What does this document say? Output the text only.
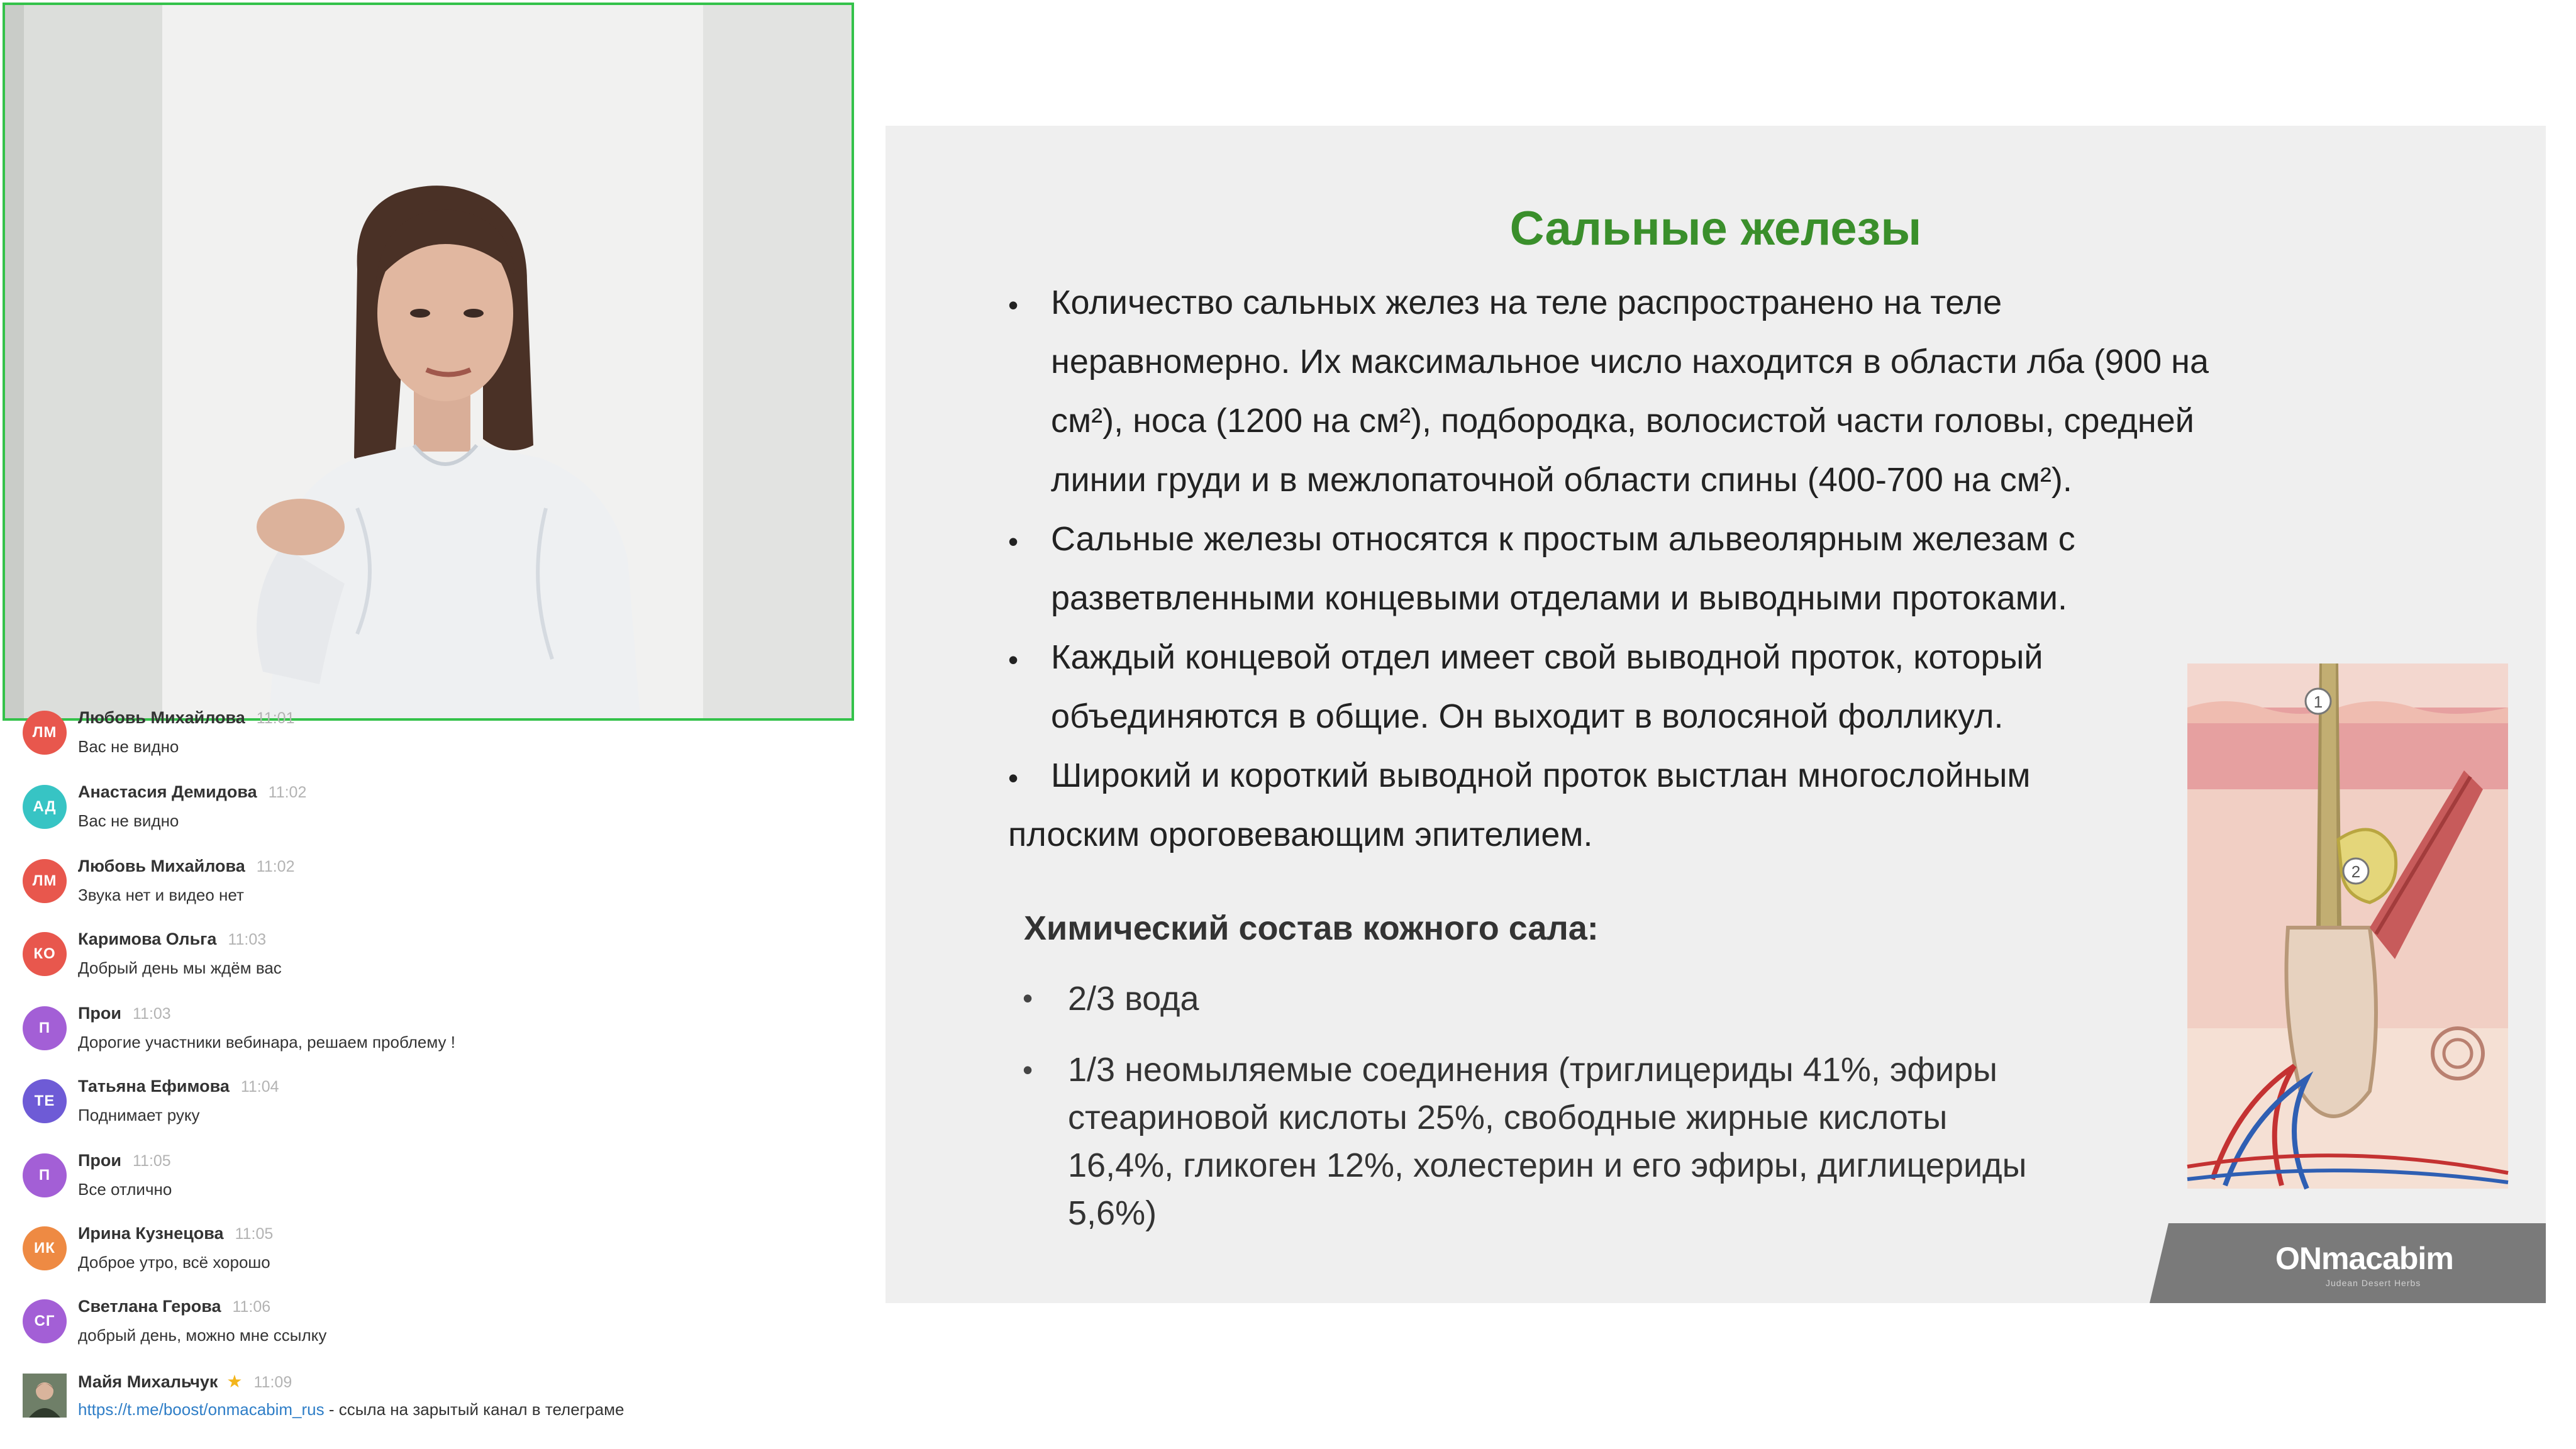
ЛМ
Любовь Михайлова 11:01
Вас не видно
АД
Анастасия Демидова 11:02
Вас не видно
ЛМ
Любовь Михайлова 11:02
Звука нет и видео нет
КО
Каримова Ольга 11:03
Добрый день мы ждём вас
П
Прои 11:03
Дорогие участники вебинара, решаем проблему !
ТЕ
Татьяна Ефимова 11:04
Поднимает руку
П
Прои 11:05
Все отлично
ИК
Ирина Кузнецова 11:05
Доброе утро, всё хорошо
СГ
Светлана Герова 11:06
добрый день, можно мне ссылку
Майя Михальчук ★ 11:09
https://t.me/boost/onmacabim_rus - ссыла на зарытый канал в телеграме
Сальные железы
•
•
•
•
Количество сальных желез на теле распространено на теле
неравномерно. Их максимальное число находится в области лба (900 на
см²), носа (1200 на см²), подбородка, волосистой части головы, средней
линии груди и в межлопаточной области спины (400-700 на см²).
Сальные железы относятся к простым альвеолярным железам с
разветвленными концевыми отделами и выводными протоками.
Каждый концевой отдел имеет свой выводной проток, который
объединяются в общие. Он выходит в волосяной фолликул.
Широкий и короткий выводной проток выстлан многослойным
плоским ороговевающим эпителием.
Химический состав кожного сала:
• 2/3 вода
• 1/3 неомыляемые соединения (триглицериды 41%, эфиры
стеариновой кислоты 25%, свободные жирные кислоты
16,4%, гликоген 12%, холестерин и его эфиры, диглицериды
5,6%)
1
2
ONmacabim
Judean Desert Herbs
